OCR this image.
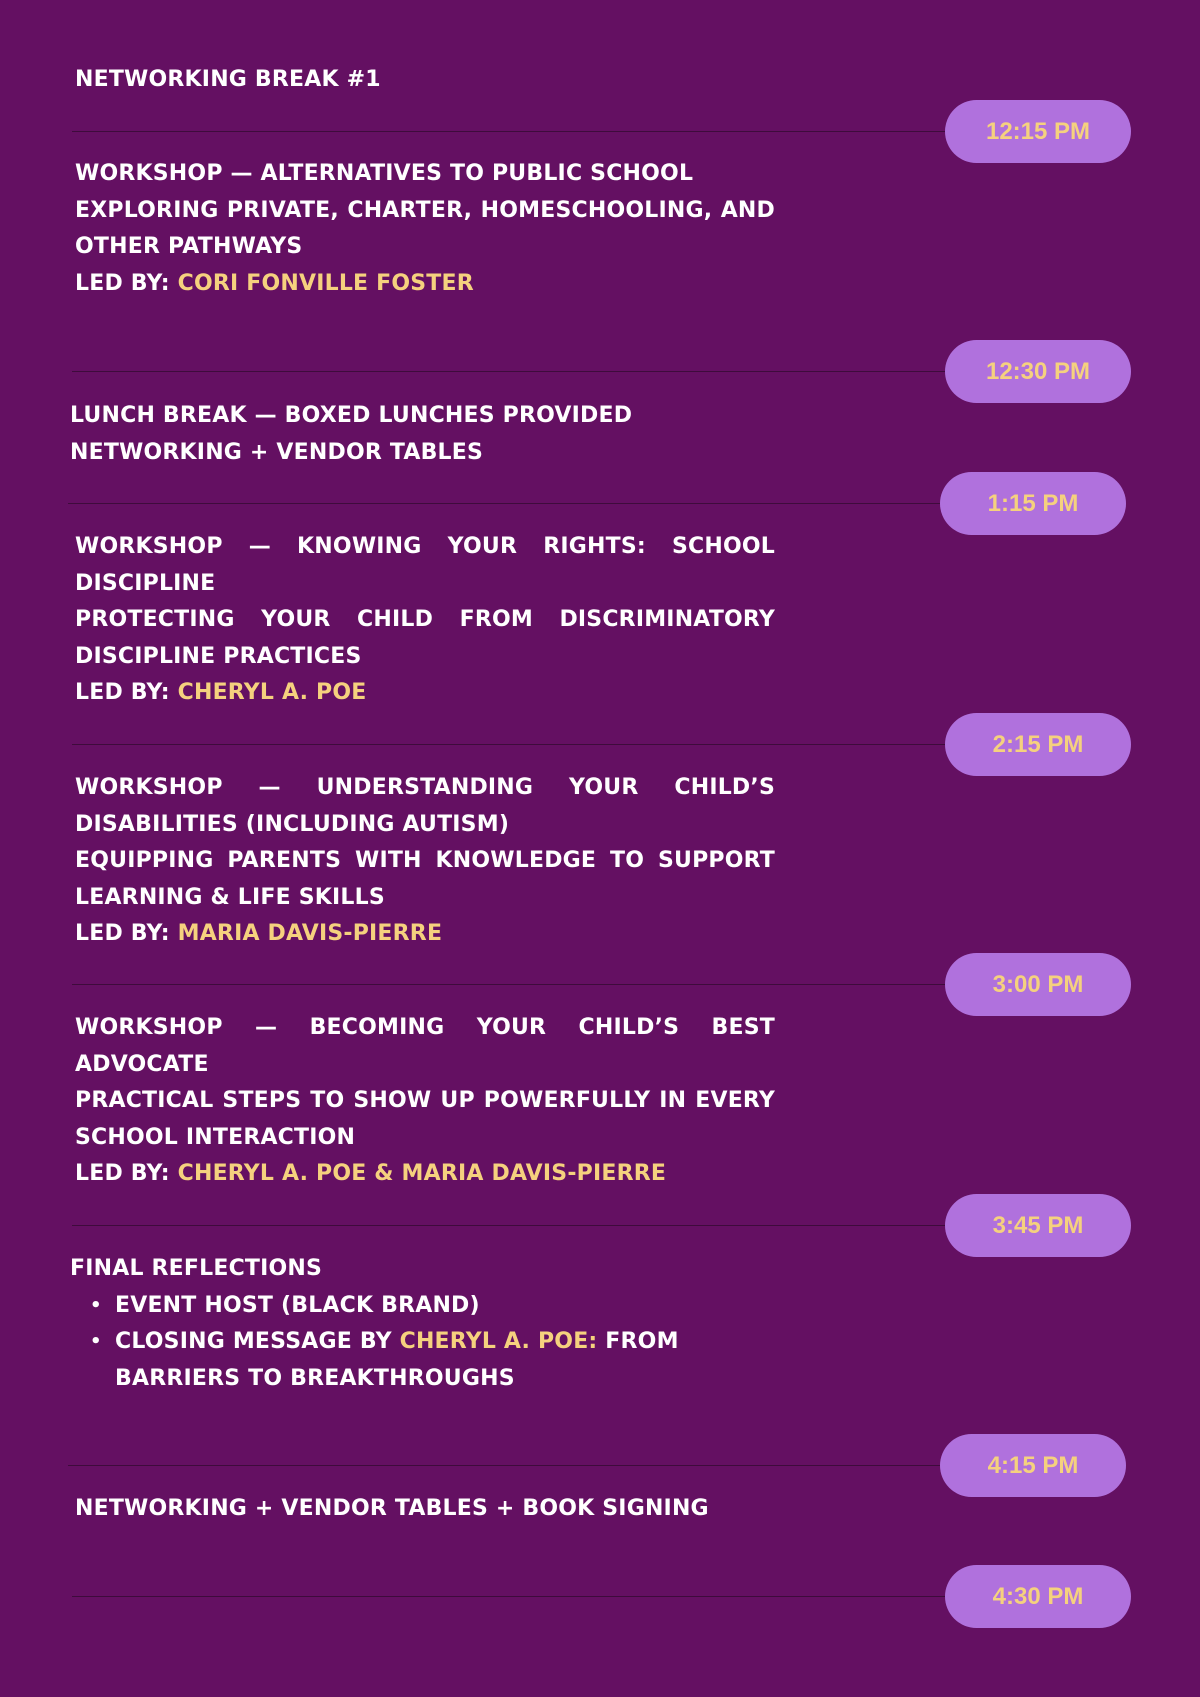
NETWORKING BREAK #1
12:15 PM
WORKSHOP — ALTERNATIVES TO PUBLIC SCHOOL
EXPLORING PRIVATE, CHARTER, HOMESCHOOLING, AND OTHER PATHWAYS
LED BY: CORI FONVILLE FOSTER
12:30 PM
LUNCH BREAK — BOXED LUNCHES PROVIDED
NETWORKING + VENDOR TABLES
1:15 PM
WORKSHOP — KNOWING YOUR RIGHTS: SCHOOL DISCIPLINE
PROTECTING YOUR CHILD FROM DISCRIMINATORY DISCIPLINE PRACTICES
LED BY: CHERYL A. POE
2:15 PM
WORKSHOP — UNDERSTANDING YOUR CHILD’S DISABILITIES (INCLUDING AUTISM)
EQUIPPING PARENTS WITH KNOWLEDGE TO SUPPORT LEARNING & LIFE SKILLS
LED BY: MARIA DAVIS-PIERRE
3:00 PM
WORKSHOP — BECOMING YOUR CHILD’S BEST ADVOCATE
PRACTICAL STEPS TO SHOW UP POWERFULLY IN EVERY SCHOOL INTERACTION
LED BY: CHERYL A. POE & MARIA DAVIS-PIERRE
3:45 PM
FINAL REFLECTIONS
• EVENT HOST (BLACK BRAND)
• CLOSING MESSAGE BY CHERYL A. POE: FROM BARRIERS TO BREAKTHROUGHS
4:15 PM
NETWORKING + VENDOR TABLES + BOOK SIGNING
4:30 PM
